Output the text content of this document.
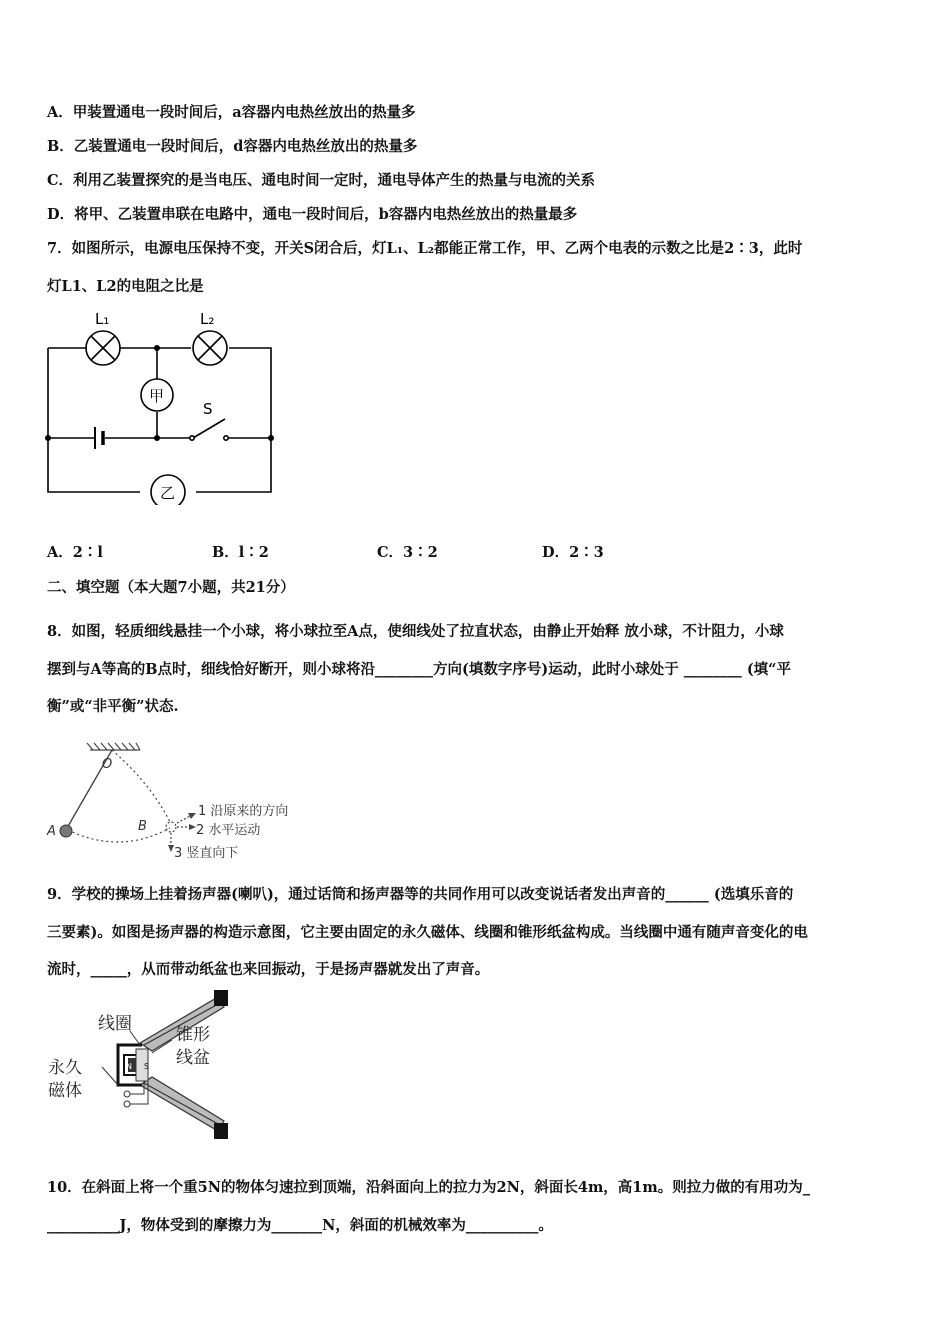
A．甲装置通电一段时间后，a容器内电热丝放出的热量多
B．乙装置通电一段时间后，d容器内电热丝放出的热量多
C．利用乙装置探究的是当电压、通电时间一定时，通电导体产生的热量与电流的关系
D．将甲、乙装置串联在电路中，通电一段时间后，b容器内电热丝放出的热量最多
7．如图所示，电源电压保持不变，开关S闭合后，灯L₁、L₂都能正常工作，甲、乙两个电表的示数之比是2∶3，此时
灯L1、L2的电阻之比是
L₁	L₂
甲
乙
S
A．2∶l	B．l∶2	C．3∶2	D．2∶3
二、填空题（本大题7小题，共21分）
8．如图，轻质细线悬挂一个小球，将小球拉至A点，使细线处了拉直状态，由静止开始释 放小球，不计阻力，小球
摆到与A等高的B点时，细线恰好断开，则小球将沿________方向(填数字序号)运动，此时小球处于 ________ (填“平
衡”或“非平衡”状态.
O
A	B
1 沿原来的方向
2 水平运动
3 竖直向下
9．学校的操场上挂着扬声器(喇叭)，通过话筒和扬声器等的共同作用可以改变说话者发出声音的______ (选填乐音的
三要素)。如图是扬声器的构造示意图，它主要由固定的永久磁体、线圈和锥形纸盆构成。当线圈中通有随声音变化的电
流时，_____，从而带动纸盆也来回振动，于是扬声器就发出了声音。
线圈
锥形
线盆
永久
磁体
N S
10．在斜面上将一个重5N的物体匀速拉到顶端，沿斜面向上的拉力为2N，斜面长4m，高1m。则拉力做的有用功为_
__________J，物体受到的摩擦力为_______N，斜面的机械效率为__________。
